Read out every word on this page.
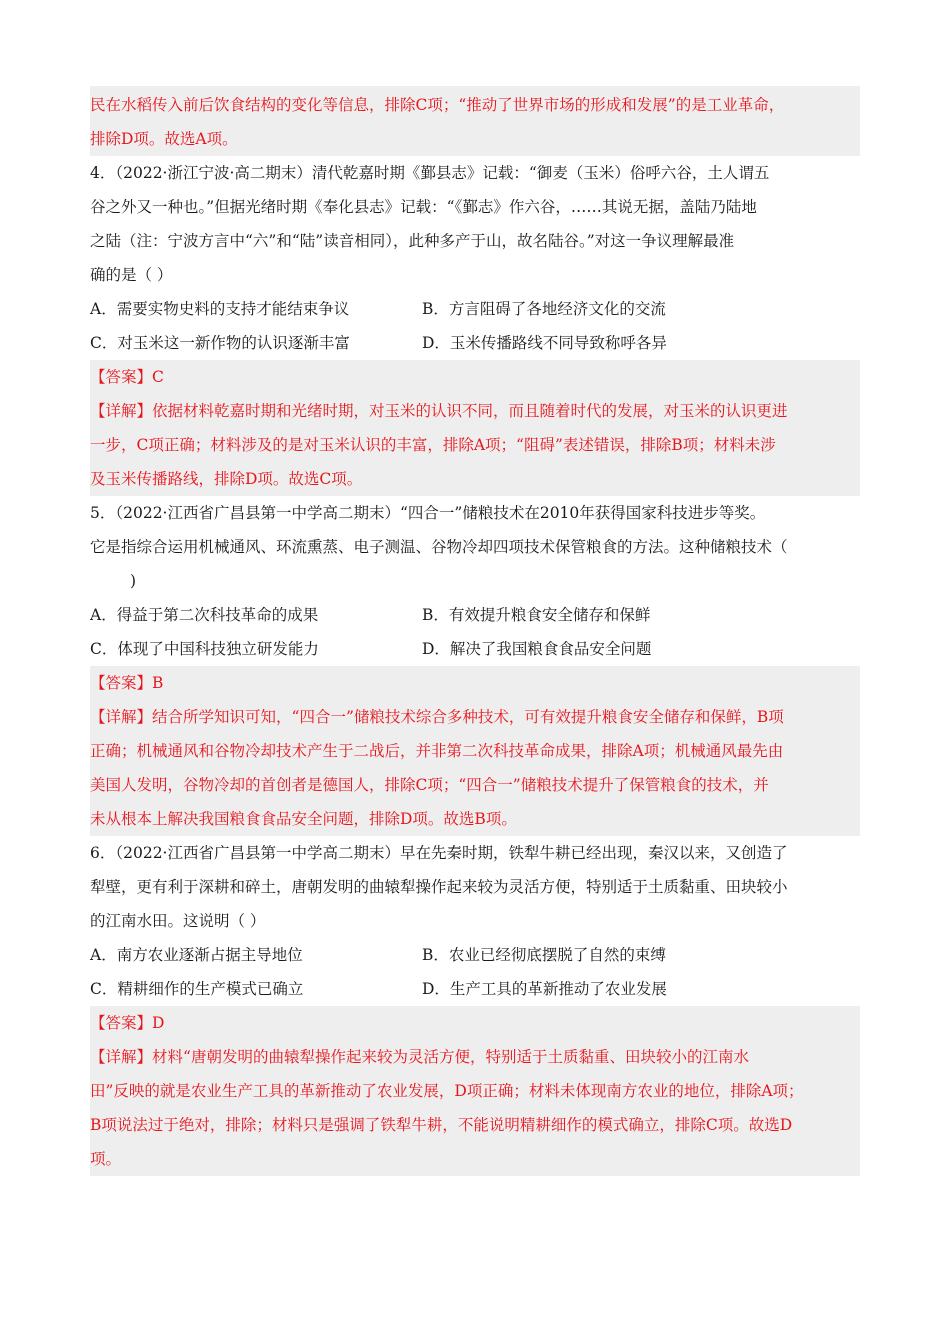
民在水稻传入前后饮食结构的变化等信息，排除C项；“推动了世界市场的形成和发展”的是工业革命，
排除D项。故选A项。
4．（2022·浙江宁波·高二期末）清代乾嘉时期《鄞县志》记载：“御麦（玉米）俗呼六谷，土人谓五
谷之外又一种也。”但据光绪时期《奉化县志》记载：“《鄞志》作六谷，……其说无据，盖陆乃陆地
之陆（注：宁波方言中“六”和“陆”读音相同），此种多产于山，故名陆谷。”对这一争议理解最准
确的是（ ）
A．需要实物史料的支持才能结束争议	B．方言阻碍了各地经济文化的交流
C．对玉米这一新作物的认识逐渐丰富	D．玉米传播路线不同导致称呼各异
【答案】C
【详解】依据材料乾嘉时期和光绪时期，对玉米的认识不同，而且随着时代的发展，对玉米的认识更进
一步，C项正确；材料涉及的是对玉米认识的丰富，排除A项；“阻碍”表述错误，排除B项；材料未涉
及玉米传播路线，排除D项。故选C项。
5．（2022·江西省广昌县第一中学高二期末）“四合一”储粮技术在2010年获得国家科技进步等奖。
它是指综合运用机械通风、环流熏蒸、电子测温、谷物冷却四项技术保管粮食的方法。这种储粮技术（
)
A．得益于第二次科技革命的成果	B．有效提升粮食安全储存和保鲜
C．体现了中国科技独立研发能力	D．解决了我国粮食食品安全问题
【答案】B
【详解】结合所学知识可知，“四合一”储粮技术综合多种技术，可有效提升粮食安全储存和保鲜，B项
正确；机械通风和谷物冷却技术产生于二战后，并非第二次科技革命成果，排除A项；机械通风最先由
美国人发明，谷物冷却的首创者是德国人，排除C项；“四合一”储粮技术提升了保管粮食的技术，并
未从根本上解决我国粮食食品安全问题，排除D项。故选B项。
6．（2022·江西省广昌县第一中学高二期末）早在先秦时期，铁犁牛耕已经出现，秦汉以来，又创造了
犁壁，更有利于深耕和碎土，唐朝发明的曲辕犁操作起来较为灵活方便，特别适于土质黏重、田块较小
的江南水田。这说明（ ）
A．南方农业逐渐占据主导地位	B．农业已经彻底摆脱了自然的束缚
C．精耕细作的生产模式已确立	D．生产工具的革新推动了农业发展
【答案】D
【详解】材料“唐朝发明的曲辕犁操作起来较为灵活方便，特别适于土质黏重、田块较小的江南水
田”反映的就是农业生产工具的革新推动了农业发展，D项正确；材料未体现南方农业的地位，排除A项；
B项说法过于绝对，排除；材料只是强调了铁犁牛耕，不能说明精耕细作的模式确立，排除C项。故选D
项。
